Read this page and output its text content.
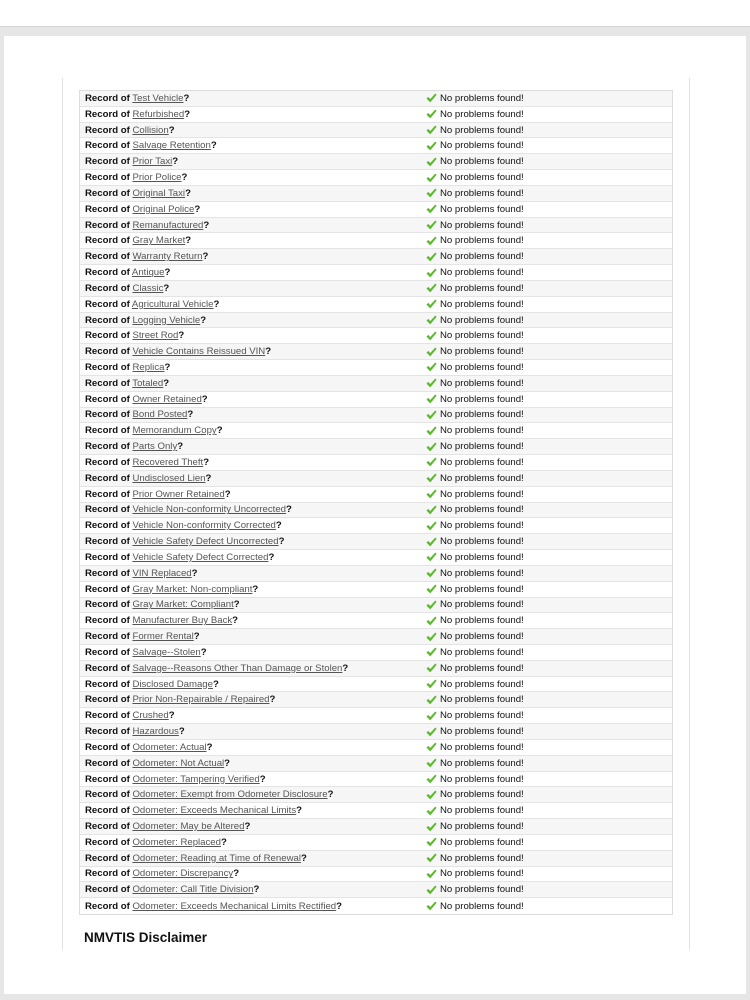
Record of Test Vehicle?	No problems found!
Record of Refurbished?	No problems found!
Record of Collision?	No problems found!
Record of Salvage Retention?	No problems found!
Record of Prior Taxi?	No problems found!
Record of Prior Police?	No problems found!
Record of Original Taxi?	No problems found!
Record of Original Police?	No problems found!
Record of Remanufactured?	No problems found!
Record of Gray Market?	No problems found!
Record of Warranty Return?	No problems found!
Record of Antique?	No problems found!
Record of Classic?	No problems found!
Record of Agricultural Vehicle?	No problems found!
Record of Logging Vehicle?	No problems found!
Record of Street Rod?	No problems found!
Record of Vehicle Contains Reissued VIN?	No problems found!
Record of Replica?	No problems found!
Record of Totaled?	No problems found!
Record of Owner Retained?	No problems found!
Record of Bond Posted?	No problems found!
Record of Memorandum Copy?	No problems found!
Record of Parts Only?	No problems found!
Record of Recovered Theft?	No problems found!
Record of Undisclosed Lien?	No problems found!
Record of Prior Owner Retained?	No problems found!
Record of Vehicle Non-conformity Uncorrected?	No problems found!
Record of Vehicle Non-conformity Corrected?	No problems found!
Record of Vehicle Safety Defect Uncorrected?	No problems found!
Record of Vehicle Safety Defect Corrected?	No problems found!
Record of VIN Replaced?	No problems found!
Record of Gray Market: Non-compliant?	No problems found!
Record of Gray Market: Compliant?	No problems found!
Record of Manufacturer Buy Back?	No problems found!
Record of Former Rental?	No problems found!
Record of Salvage--Stolen?	No problems found!
Record of Salvage--Reasons Other Than Damage or Stolen?	No problems found!
Record of Disclosed Damage?	No problems found!
Record of Prior Non-Repairable / Repaired?	No problems found!
Record of Crushed?	No problems found!
Record of Hazardous?	No problems found!
Record of Odometer: Actual?	No problems found!
Record of Odometer: Not Actual?	No problems found!
Record of Odometer: Tampering Verified?	No problems found!
Record of Odometer: Exempt from Odometer Disclosure?	No problems found!
Record of Odometer: Exceeds Mechanical Limits?	No problems found!
Record of Odometer: May be Altered?	No problems found!
Record of Odometer: Replaced?	No problems found!
Record of Odometer: Reading at Time of Renewal?	No problems found!
Record of Odometer: Discrepancy?	No problems found!
Record of Odometer: Call Title Division?	No problems found!
Record of Odometer: Exceeds Mechanical Limits Rectified?	No problems found!
NMVTIS Disclaimer
